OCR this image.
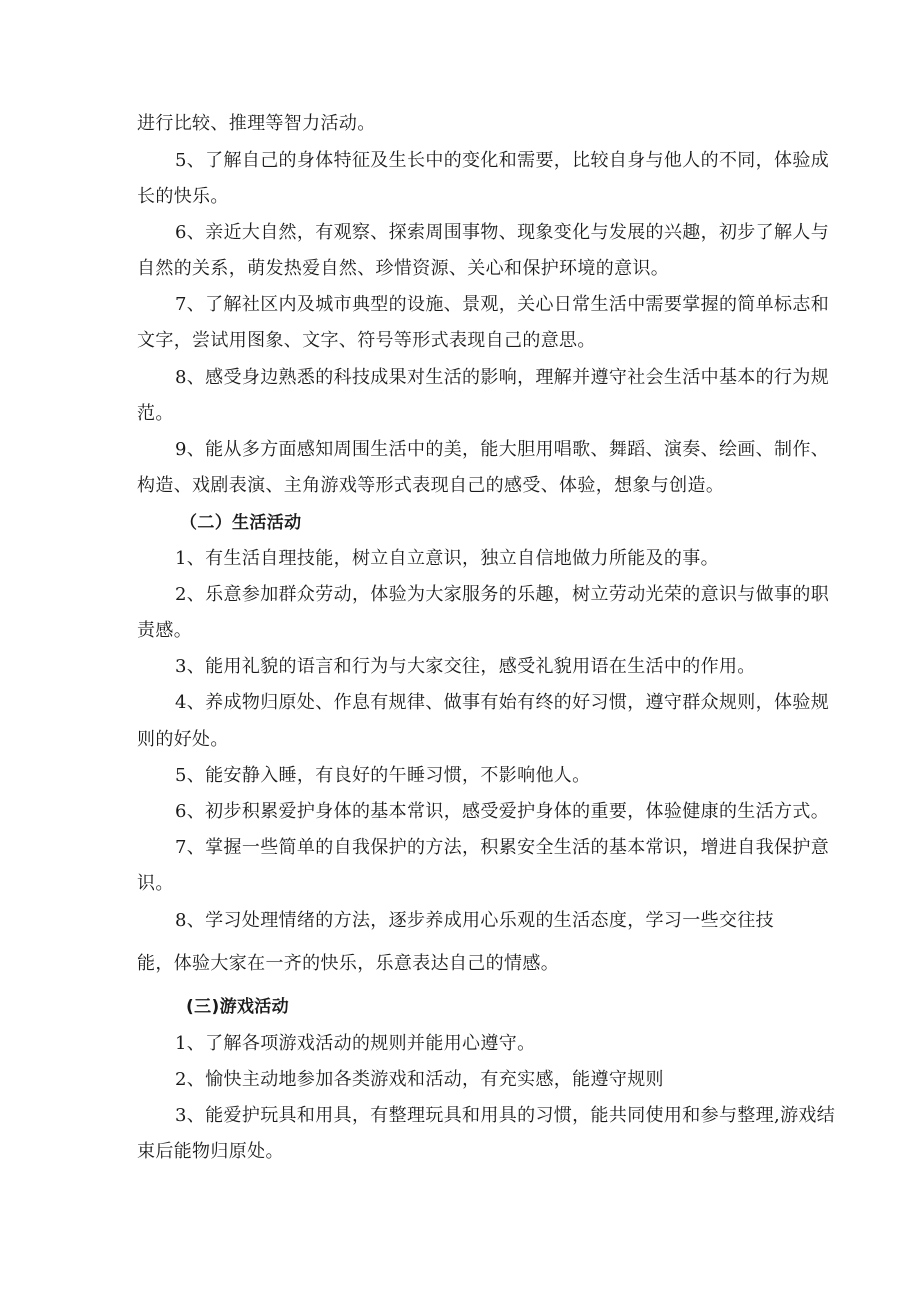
进行比较、推理等智力活动。
5、了解自己的身体特征及生长中的变化和需要，比较自身与他人的不同，体验成
长的快乐。
6、亲近大自然，有观察、探索周围事物、现象变化与发展的兴趣，初步了解人与
自然的关系，萌发热爱自然、珍惜资源、关心和保护环境的意识。
7、了解社区内及城市典型的设施、景观，关心日常生活中需要掌握的简单标志和
文字，尝试用图象、文字、符号等形式表现自己的意思。
8、感受身边熟悉的科技成果对生活的影响，理解并遵守社会生活中基本的行为规
范。
9、能从多方面感知周围生活中的美，能大胆用唱歌、舞蹈、演奏、绘画、制作、
构造、戏剧表演、主角游戏等形式表现自己的感受、体验，想象与创造。
（二）生活活动
1、有生活自理技能，树立自立意识，独立自信地做力所能及的事。
2、乐意参加群众劳动，体验为大家服务的乐趣，树立劳动光荣的意识与做事的职
责感。
3、能用礼貌的语言和行为与大家交往，感受礼貌用语在生活中的作用。
4、养成物归原处、作息有规律、做事有始有终的好习惯，遵守群众规则，体验规
则的好处。
5、能安静入睡，有良好的午睡习惯，不影响他人。
6、初步积累爱护身体的基本常识，感受爱护身体的重要，体验健康的生活方式。
7、掌握一些简单的自我保护的方法，积累安全生活的基本常识，增进自我保护意
识。
8、学习处理情绪的方法，逐步养成用心乐观的生活态度，学习一些交往技
能，体验大家在一齐的快乐，乐意表达自己的情感。
(三)游戏活动
1、了解各项游戏活动的规则并能用心遵守。
2、愉快主动地参加各类游戏和活动，有充实感，能遵守规则
3、能爱护玩具和用具，有整理玩具和用具的习惯，能共同使用和参与整理,游戏结
束后能物归原处。
